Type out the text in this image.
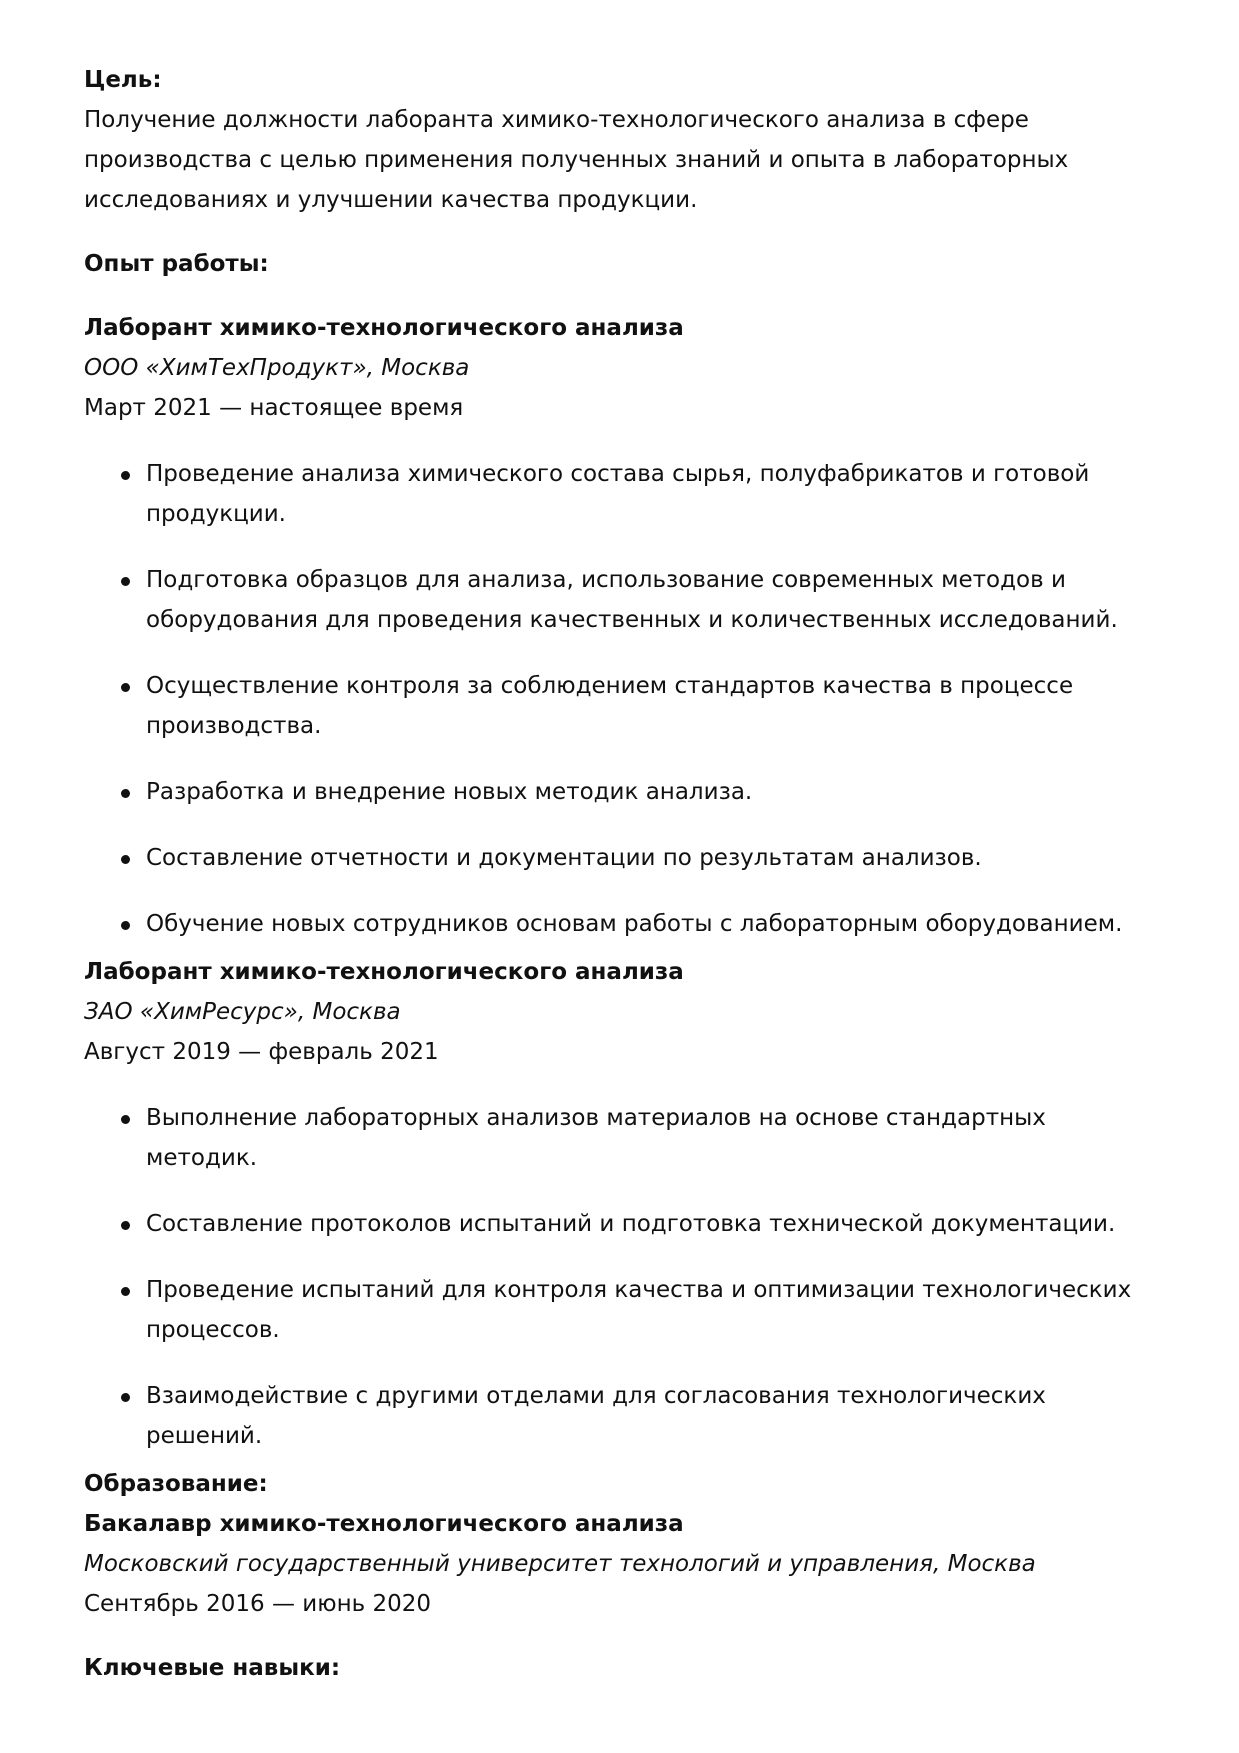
Цель:

Получение должности лаборанта химико-технологического анализа в сфере производства с целью применения полученных знаний и опыта в лабораторных исследованиях и улучшении качества продукции.

Опыт работы:

Лаборант химико-технологического анализа

ООО «ХимТехПродукт», Москва

Март 2021 — настоящее время

Проведение анализа химического состава сырья, полуфабрикатов и готовой продукции.
Подготовка образцов для анализа, использование современных методов и оборудования для проведения качественных и количественных исследований.
Осуществление контроля за соблюдением стандартов качества в процессе производства.
Разработка и внедрение новых методик анализа.
Составление отчетности и документации по результатам анализов.
Обучение новых сотрудников основам работы с лабораторным оборудованием.

Лаборант химико-технологического анализа

ЗАО «ХимРесурс», Москва

Август 2019 — февраль 2021

Выполнение лабораторных анализов материалов на основе стандартных методик.
Составление протоколов испытаний и подготовка технической документации.
Проведение испытаний для контроля качества и оптимизации технологических процессов.
Взаимодействие с другими отделами для согласования технологических решений.

Образование:

Бакалавр химико-технологического анализа

Московский государственный университет технологий и управления, Москва

Сентябрь 2016 — июнь 2020

Ключевые навыки:
